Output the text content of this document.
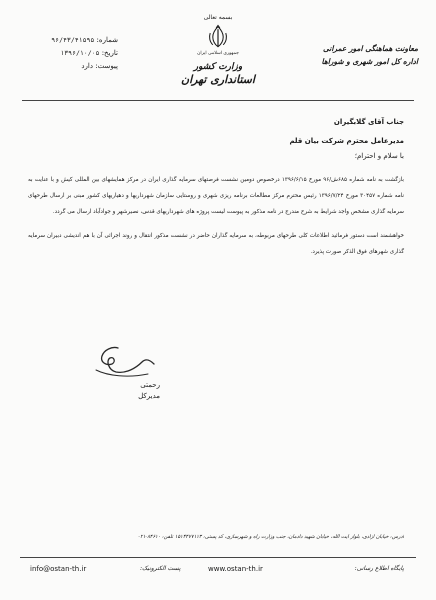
شماره: ۹۶/۴۳/۴۱۵۹۵
تاریخ: ۱۳۹۶/۱۰/۰۵
پیوست: دارد
بسمه تعالی
جمهوری اسلامی ایران
وزارت کشور
استانداری تهران
معاونت هماهنگی امور عمرانی
اداره کل امور شهری و شوراها
جناب آقای گلابگیران
مدیرعامل محترم شرکت بیان قلم
با سلام و احترام؛
بازگشت به نامه شماره ۶۸۵ش/۹۶ مورخ ۱۳۹۶/۶/۱۵ درخصوص دومین نشست فرصتهای سرمایه گذاری ایران در مرکز همایشهای بین المللی کیش و با عنایت به نامه شماره ۳۰۴۵۷ مورخ ۱۳۹۶/۷/۲۴ رئیس محترم مرکز مطالعات برنامه ریزی شهری و روستایی سازمان شهرداریها و دهیاریهای کشور مبنی بر ارسال طرحهای سرمایه گذاری مشخص واجد شرایط به شرح مندرج در نامه مذکور به پیوست لیست پروژه های شهرداریهای قدس، نصیرشهر و جوادآباد ارسال می گردد.
خواهشمند است دستور فرمائید اطلاعات کلی طرحهای مربوطه، به سرمایه گذاران حاضر در نشست مذکور انتقال و روند اجرائی آن با هم اندیشی دبیران سرمایه گذاری شهرهای فوق الذکر صورت پذیرد.
رحمتی
مدیرکل
آدرس: خیابان آزادی، بلوار آیت الله، خیابان شهید دادمان، جنب وزارت راه و شهرسازی، کد پستی: ۱۵۱۴۴۷۷۱۱۳ تلفن: ۸۴۶۱۰-۰۲۱
info@ostan-th.ir	پست الکترونیک:	www.ostan-th.ir	پایگاه اطلاع رسانی:
